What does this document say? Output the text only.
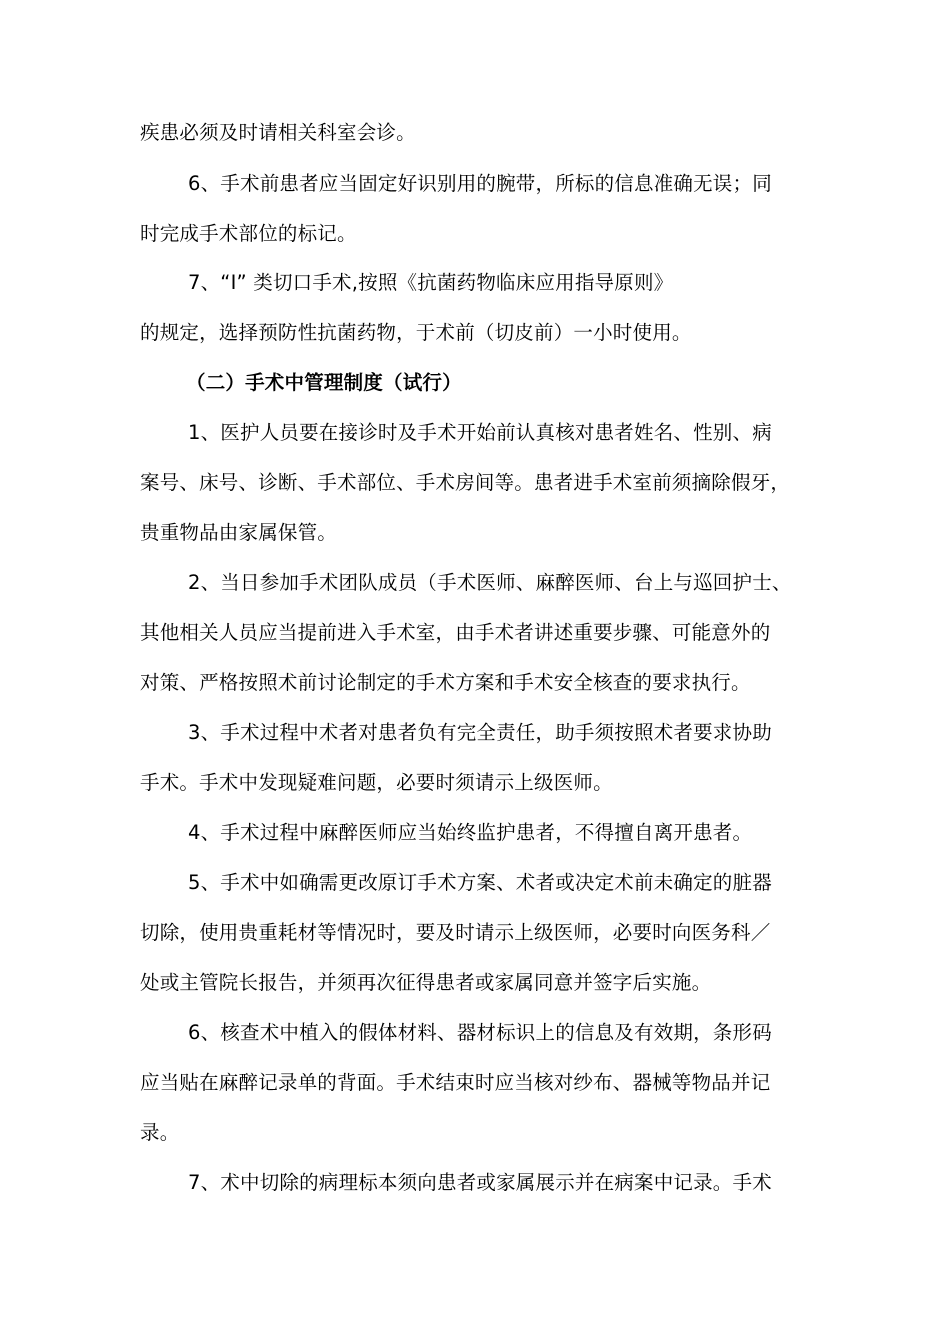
疾患必须及时请相关科室会诊。
6、手术前患者应当固定好识别用的腕带，所标的信息准确无误；同
时完成手术部位的标记。
7、“I” 类切口手术,按照《抗菌药物临床应用指导原则》
的规定，选择预防性抗菌药物，于术前（切皮前）一小时使用。
（二）手术中管理制度（试行）
1、医护人员要在接诊时及手术开始前认真核对患者姓名、性别、病
案号、床号、诊断、手术部位、手术房间等。患者进手术室前须摘除假牙，
贵重物品由家属保管。
2、当日参加手术团队成员（手术医师、麻醉医师、台上与巡回护士、
其他相关人员应当提前进入手术室，由手术者讲述重要步骤、可能意外的
对策、严格按照术前讨论制定的手术方案和手术安全核查的要求执行。
3、手术过程中术者对患者负有完全责任，助手须按照术者要求协助
手术。手术中发现疑难问题，必要时须请示上级医师。
4、手术过程中麻醉医师应当始终监护患者，不得擅自离开患者。
5、手术中如确需更改原订手术方案、术者或决定术前未确定的脏器
切除，使用贵重耗材等情况时，要及时请示上级医师，必要时向医务科／
处或主管院长报告，并须再次征得患者或家属同意并签字后实施。
6、核查术中植入的假体材料、器材标识上的信息及有效期，条形码
应当贴在麻醉记录单的背面。手术结束时应当核对纱布、器械等物品并记
录。
7、术中切除的病理标本须向患者或家属展示并在病案中记录。手术
